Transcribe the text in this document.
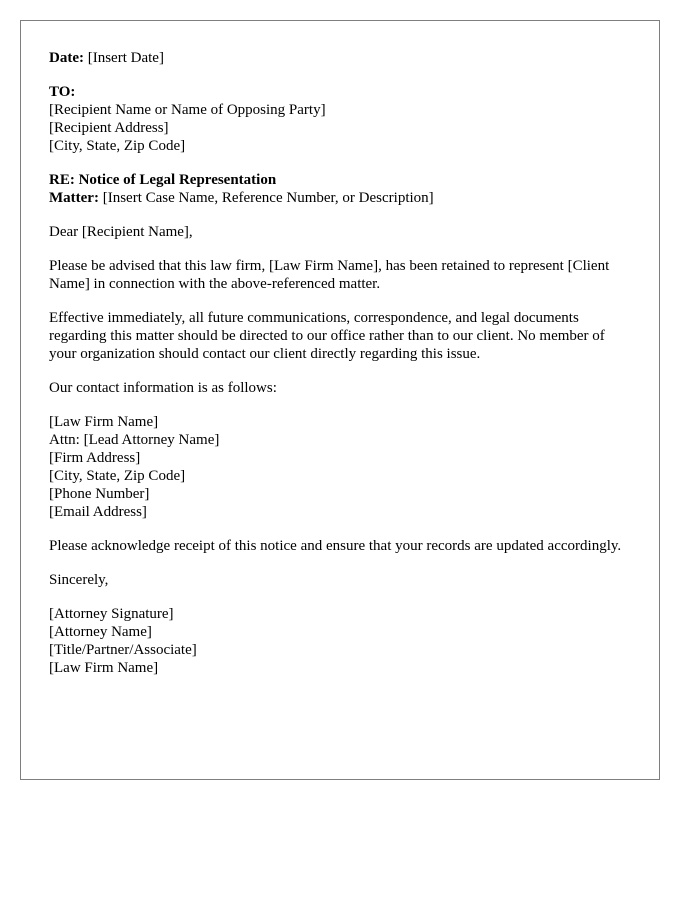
Date: [Insert Date]
TO:
[Recipient Name or Name of Opposing Party]
[Recipient Address]
[City, State, Zip Code]
RE: Notice of Legal Representation
Matter: [Insert Case Name, Reference Number, or Description]
Dear [Recipient Name],
Please be advised that this law firm, [Law Firm Name], has been retained to represent [Client Name] in connection with the above-referenced matter.
Effective immediately, all future communications, correspondence, and legal documents regarding this matter should be directed to our office rather than to our client. No member of your organization should contact our client directly regarding this issue.
Our contact information is as follows:
[Law Firm Name]
Attn: [Lead Attorney Name]
[Firm Address]
[City, State, Zip Code]
[Phone Number]
[Email Address]
Please acknowledge receipt of this notice and ensure that your records are updated accordingly.
Sincerely,
[Attorney Signature]
[Attorney Name]
[Title/Partner/Associate]
[Law Firm Name]
